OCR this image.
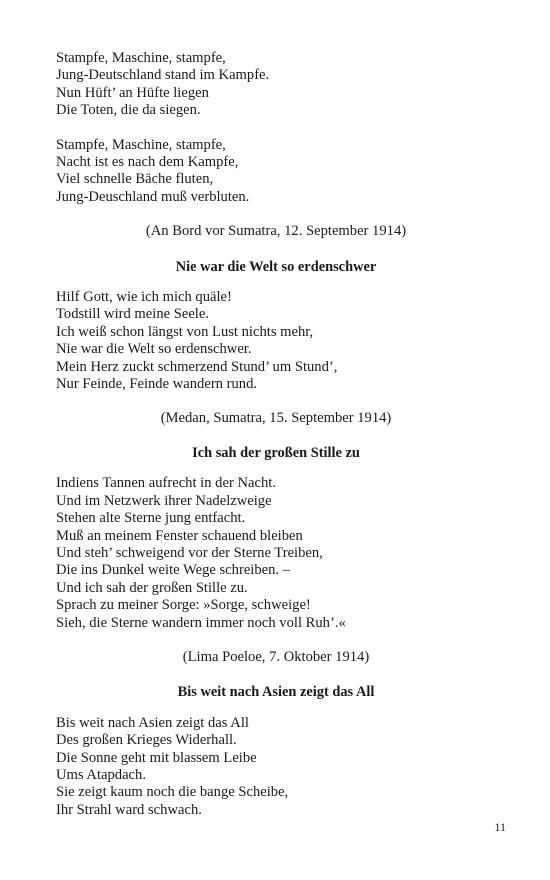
Stampfe, Maschine, stampfe,
Jung-Deutschland stand im Kampfe.
Nun Hüft’ an Hüfte liegen
Die Toten, die da siegen.
Stampfe, Maschine, stampfe,
Nacht ist es nach dem Kampfe,
Viel schnelle Bäche fluten,
Jung-Deuschland muß verbluten.
(An Bord vor Sumatra, 12. September 1914)
Nie war die Welt so erdenschwer
Hilf Gott, wie ich mich quäle!
Todstill wird meine Seele.
Ich weiß schon längst von Lust nichts mehr,
Nie war die Welt so erdenschwer.
Mein Herz zuckt schmerzend Stund’ um Stund’,
Nur Feinde, Feinde wandern rund.
(Medan, Sumatra, 15. September 1914)
Ich sah der großen Stille zu
Indiens Tannen aufrecht in der Nacht.
Und im Netzwerk ihrer Nadelzweige
Stehen alte Sterne jung entfacht.
Muß an meinem Fenster schauend bleiben
Und steh’ schweigend vor der Sterne Treiben,
Die ins Dunkel weite Wege schreiben. –
Und ich sah der großen Stille zu.
Sprach zu meiner Sorge: »Sorge, schweige!
Sieh, die Sterne wandern immer noch voll Ruh’.«
(Lima Poeloe, 7. Oktober 1914)
Bis weit nach Asien zeigt das All
Bis weit nach Asien zeigt das All
Des großen Krieges Widerhall.
Die Sonne geht mit blassem Leibe
Ums Atapdach.
Sie zeigt kaum noch die bange Scheibe,
Ihr Strahl ward schwach.
11
